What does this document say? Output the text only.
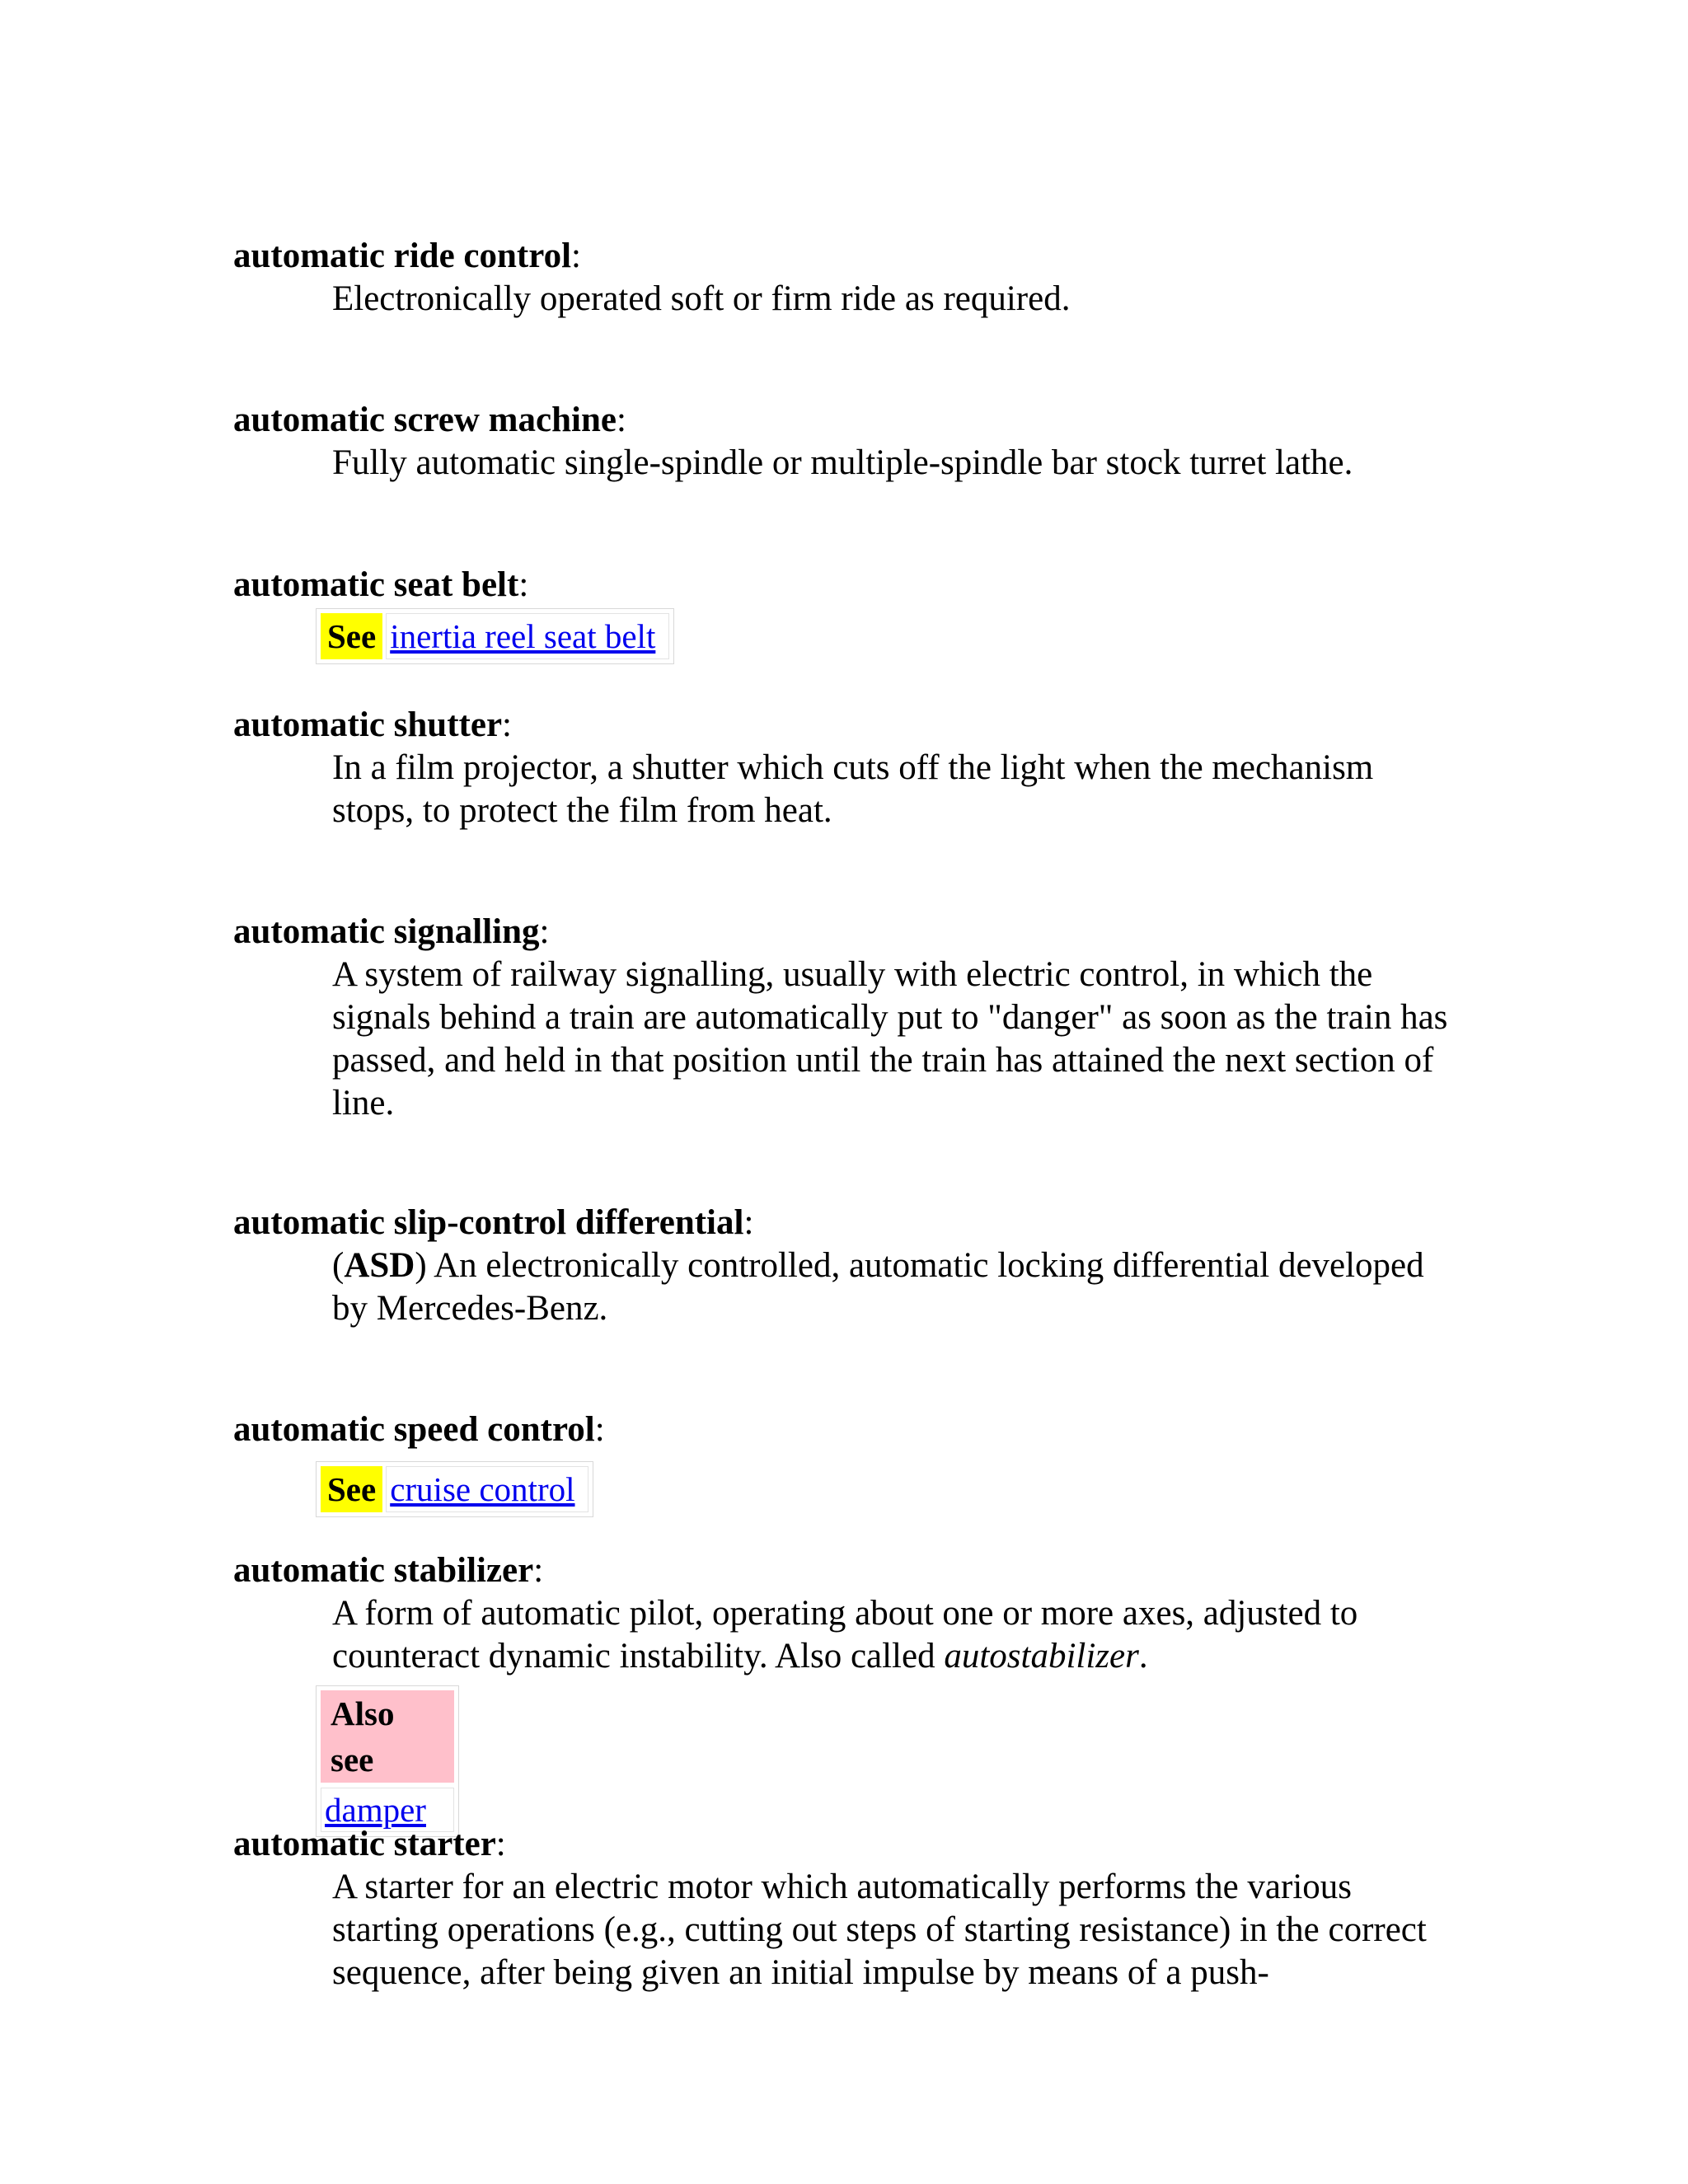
automatic ride control:
Electronically operated soft or firm ride as required.
automatic screw machine:
Fully automatic single-spindle or multiple-spindle bar stock turret lathe.
automatic seat belt:
See inertia reel seat belt
automatic shutter:
In a film projector, a shutter which cuts off the light when the mechanism stops, to protect the film from heat.
automatic signalling:
A system of railway signalling, usually with electric control, in which the signals behind a train are automatically put to "danger" as soon as the train has passed, and held in that position until the train has attained the next section of line.
automatic slip-control differential:
(ASD) An electronically controlled, automatic locking differential developed by Mercedes-Benz.
automatic speed control:
See cruise control
automatic stabilizer:
A form of automatic pilot, operating about one or more axes, adjusted to counteract dynamic instability. Also called autostabilizer.
Also see
damper
automatic starter:
A starter for an electric motor which automatically performs the various starting operations (e.g., cutting out steps of starting resistance) in the correct sequence, after being given an initial impulse by means of a push-
